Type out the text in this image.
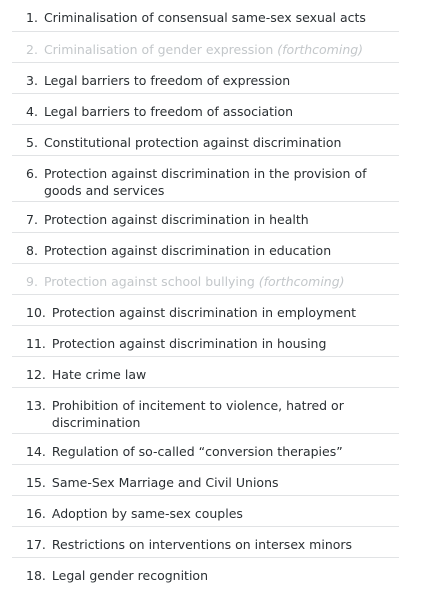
1. Criminalisation of consensual same-sex sexual acts
2. Criminalisation of gender expression (forthcoming)
3. Legal barriers to freedom of expression
4. Legal barriers to freedom of association
5. Constitutional protection against discrimination
6. Protection against discrimination in the provision of goods and services
7. Protection against discrimination in health
8. Protection against discrimination in education
9. Protection against school bullying (forthcoming)
10. Protection against discrimination in employment
11. Protection against discrimination in housing
12. Hate crime law
13. Prohibition of incitement to violence, hatred or discrimination
14. Regulation of so-called “conversion therapies”
15. Same-Sex Marriage and Civil Unions
16. Adoption by same-sex couples
17. Restrictions on interventions on intersex minors
18. Legal gender recognition
